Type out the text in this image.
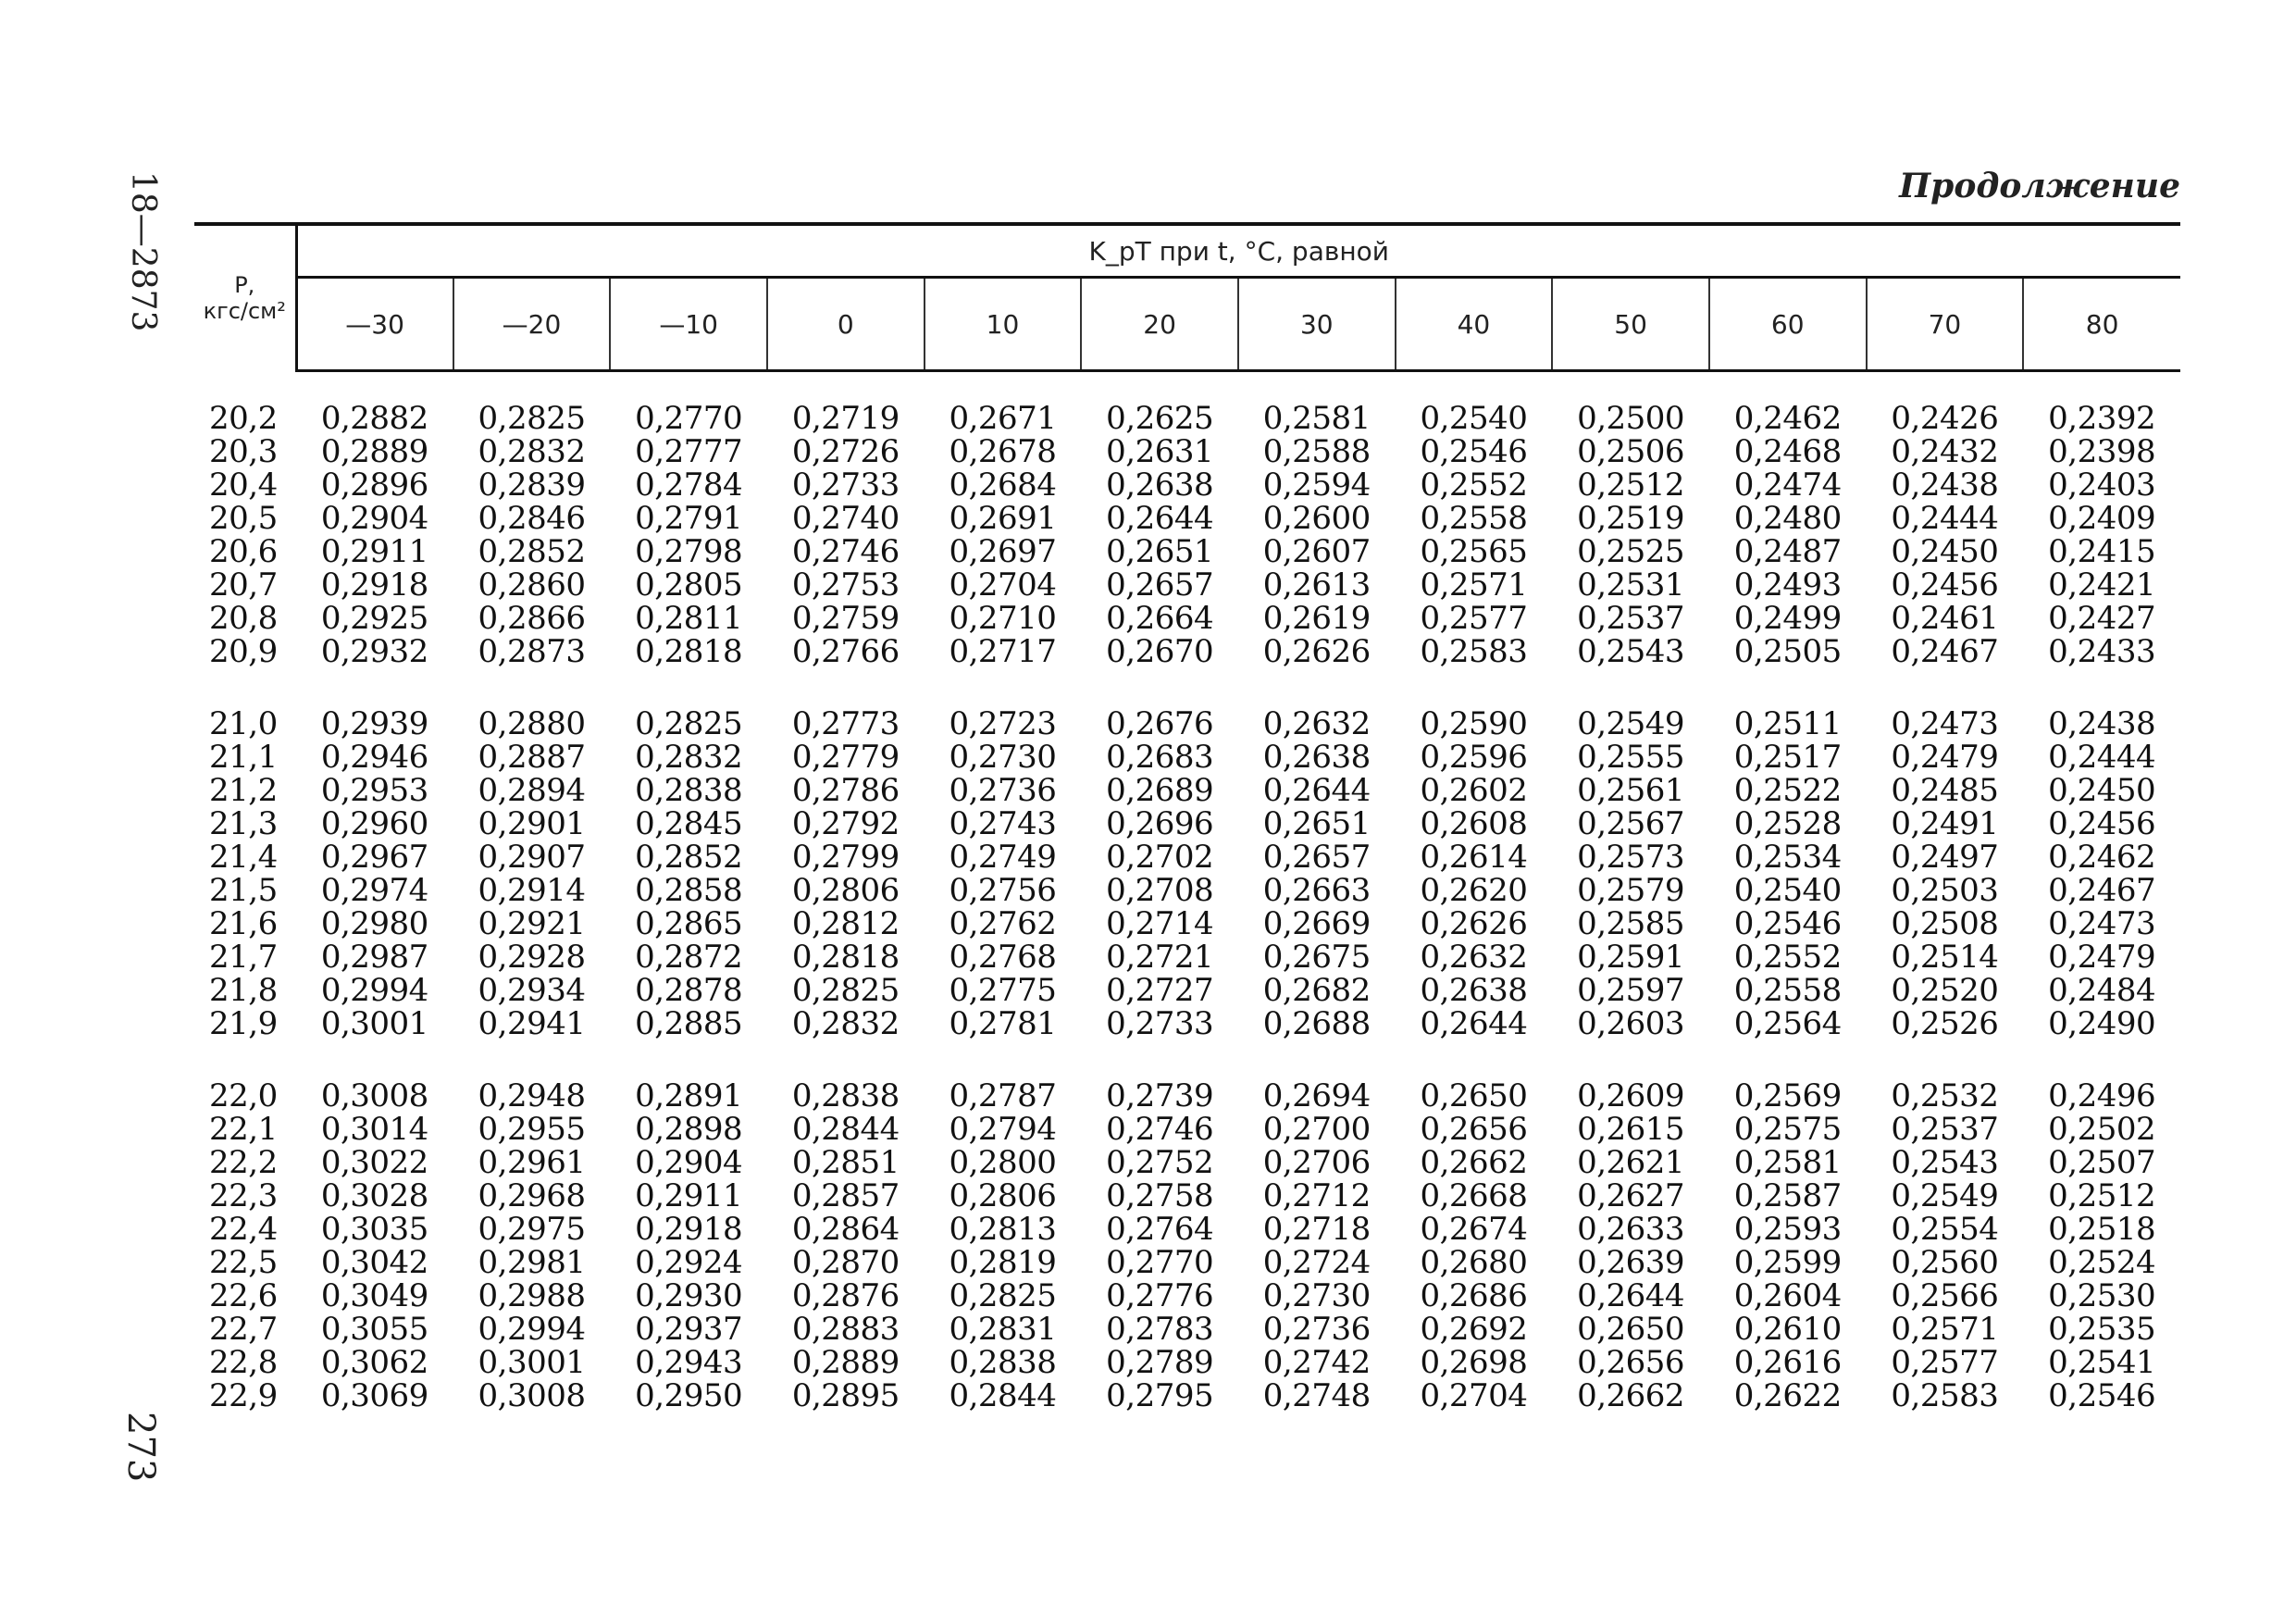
18—2873
273
Продолжение
P,
кгс/см²	K_pT при t, °C, равной											
	—30	—20	—10	0	10	20	30	40	50	60	70	80

20,2	0,2882	0,2825	0,2770	0,2719	0,2671	0,2625	0,2581	0,2540	0,2500	0,2462	0,2426	0,2392
20,3	0,2889	0,2832	0,2777	0,2726	0,2678	0,2631	0,2588	0,2546	0,2506	0,2468	0,2432	0,2398
20,4	0,2896	0,2839	0,2784	0,2733	0,2684	0,2638	0,2594	0,2552	0,2512	0,2474	0,2438	0,2403
20,5	0,2904	0,2846	0,2791	0,2740	0,2691	0,2644	0,2600	0,2558	0,2519	0,2480	0,2444	0,2409
20,6	0,2911	0,2852	0,2798	0,2746	0,2697	0,2651	0,2607	0,2565	0,2525	0,2487	0,2450	0,2415
20,7	0,2918	0,2860	0,2805	0,2753	0,2704	0,2657	0,2613	0,2571	0,2531	0,2493	0,2456	0,2421
20,8	0,2925	0,2866	0,2811	0,2759	0,2710	0,2664	0,2619	0,2577	0,2537	0,2499	0,2461	0,2427
20,9	0,2932	0,2873	0,2818	0,2766	0,2717	0,2670	0,2626	0,2583	0,2543	0,2505	0,2467	0,2433

21,0	0,2939	0,2880	0,2825	0,2773	0,2723	0,2676	0,2632	0,2590	0,2549	0,2511	0,2473	0,2438
21,1	0,2946	0,2887	0,2832	0,2779	0,2730	0,2683	0,2638	0,2596	0,2555	0,2517	0,2479	0,2444
21,2	0,2953	0,2894	0,2838	0,2786	0,2736	0,2689	0,2644	0,2602	0,2561	0,2522	0,2485	0,2450
21,3	0,2960	0,2901	0,2845	0,2792	0,2743	0,2696	0,2651	0,2608	0,2567	0,2528	0,2491	0,2456
21,4	0,2967	0,2907	0,2852	0,2799	0,2749	0,2702	0,2657	0,2614	0,2573	0,2534	0,2497	0,2462
21,5	0,2974	0,2914	0,2858	0,2806	0,2756	0,2708	0,2663	0,2620	0,2579	0,2540	0,2503	0,2467
21,6	0,2980	0,2921	0,2865	0,2812	0,2762	0,2714	0,2669	0,2626	0,2585	0,2546	0,2508	0,2473
21,7	0,2987	0,2928	0,2872	0,2818	0,2768	0,2721	0,2675	0,2632	0,2591	0,2552	0,2514	0,2479
21,8	0,2994	0,2934	0,2878	0,2825	0,2775	0,2727	0,2682	0,2638	0,2597	0,2558	0,2520	0,2484
21,9	0,3001	0,2941	0,2885	0,2832	0,2781	0,2733	0,2688	0,2644	0,2603	0,2564	0,2526	0,2490

22,0	0,3008	0,2948	0,2891	0,2838	0,2787	0,2739	0,2694	0,2650	0,2609	0,2569	0,2532	0,2496
22,1	0,3014	0,2955	0,2898	0,2844	0,2794	0,2746	0,2700	0,2656	0,2615	0,2575	0,2537	0,2502
22,2	0,3022	0,2961	0,2904	0,2851	0,2800	0,2752	0,2706	0,2662	0,2621	0,2581	0,2543	0,2507
22,3	0,3028	0,2968	0,2911	0,2857	0,2806	0,2758	0,2712	0,2668	0,2627	0,2587	0,2549	0,2512
22,4	0,3035	0,2975	0,2918	0,2864	0,2813	0,2764	0,2718	0,2674	0,2633	0,2593	0,2554	0,2518
22,5	0,3042	0,2981	0,2924	0,2870	0,2819	0,2770	0,2724	0,2680	0,2639	0,2599	0,2560	0,2524
22,6	0,3049	0,2988	0,2930	0,2876	0,2825	0,2776	0,2730	0,2686	0,2644	0,2604	0,2566	0,2530
22,7	0,3055	0,2994	0,2937	0,2883	0,2831	0,2783	0,2736	0,2692	0,2650	0,2610	0,2571	0,2535
22,8	0,3062	0,3001	0,2943	0,2889	0,2838	0,2789	0,2742	0,2698	0,2656	0,2616	0,2577	0,2541
22,9	0,3069	0,3008	0,2950	0,2895	0,2844	0,2795	0,2748	0,2704	0,2662	0,2622	0,2583	0,2546
